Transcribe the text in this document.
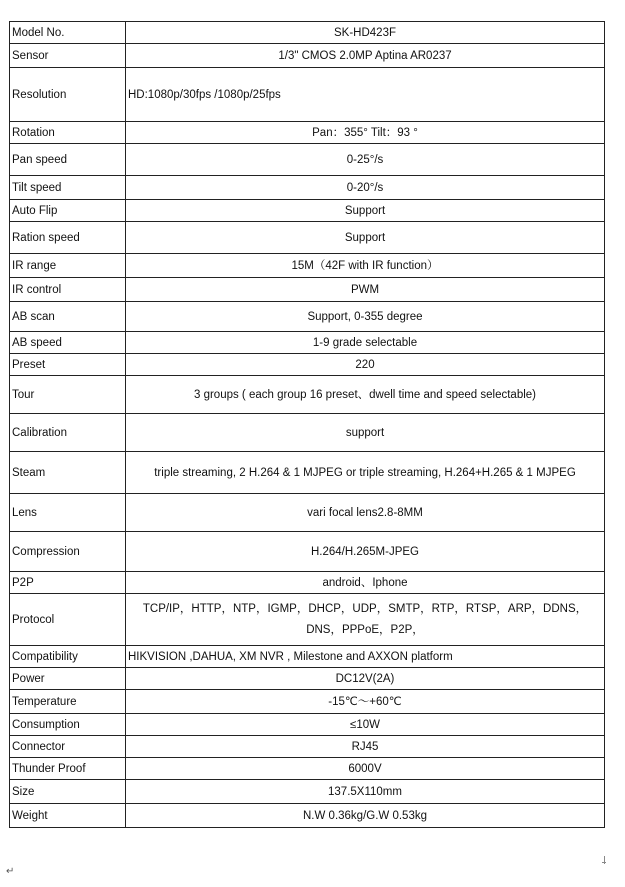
Model No.	SK-HD423F
Sensor	1/3" CMOS 2.0MP Aptina AR0237
Resolution	HD:1080p/30fps /1080p/25fps
Rotation	Pan：355° Tilt：93 °
Pan speed	0-25°/s
Tilt speed	0-20°/s
Auto Flip	Support
Ration speed	Support
IR range	15M（42F with IR function）
IR control	PWM
AB scan	Support, 0-355 degree
AB speed	1-9 grade selectable
Preset	220
Tour	3 groups ( each group 16 preset、dwell time and speed selectable)
Calibration	support
Steam	triple streaming, 2 H.264 & 1 MJPEG or triple streaming, H.264+H.265 & 1 MJPEG
Lens	vari focal lens2.8-8MM
Compression	H.264/H.265M-JPEG
P2P	android、Iphone
Protocol	TCP/IP，HTTP，NTP，IGMP，DHCP，UDP，SMTP，RTP，RTSP，ARP，DDNS，DNS，PPPoE，P2P，
Compatibility	HIKVISION ,DAHUA, XM NVR , Milestone and AXXON platform
Power	DC12V(2A)
Temperature	-15℃～+60℃
Consumption	≤10W
Connector	RJ45
Thunder Proof	6000V
Size	137.5X110mm
Weight	N.W 0.36kg/G.W 0.53kg
↵
